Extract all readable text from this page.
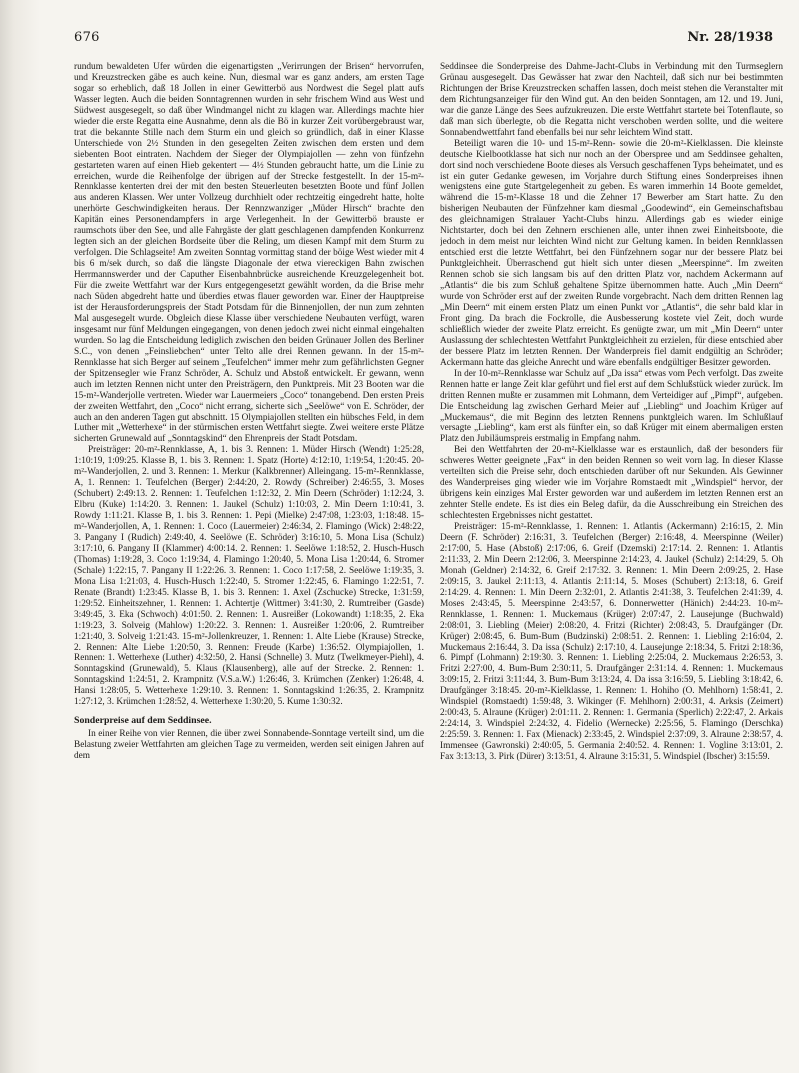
676	Nr. 28/1938

rundum bewaldeten Ufer würden die eigenartigsten „Verirrungen der Brisen“ hervorrufen, und Kreuzstrecken gäbe es auch keine. Nun, diesmal war es ganz anders, am ersten Tage sogar so erheblich, daß 18 Jollen in einer Gewitterbö aus Nordwest die Segel platt aufs Wasser legten. Auch die beiden Sonntagrennen wurden in sehr frischem Wind aus West und Südwest ausgesegelt, so daß über Windmangel nicht zu klagen war. Allerdings machte hier wieder die erste Regatta eine Ausnahme, denn als die Bö in kurzer Zeit vorübergebraust war, trat die bekannte Stille nach dem Sturm ein und gleich so gründlich, daß in einer Klasse Unterschiede von 2½ Stunden in den gesegelten Zeiten zwischen dem ersten und dem siebenten Boot eintraten. Nachdem der Sieger der Olympiajollen — zehn von fünfzehn gestarteten waren auf einen Hieb gekentert — 4½ Stunden gebraucht hatte, um die Linie zu erreichen, wurde die Reihenfolge der übrigen auf der Strecke festgestellt. In der 15-m²-Rennklasse kenterten drei der mit den besten Steuerleuten besetzten Boote und fünf Jollen aus anderen Klassen. Wer unter Vollzeug durchhielt oder rechtzeitig eingedreht hatte, holte unerhörte Geschwindigkeiten heraus. Der Rennzwanziger „Müder Hirsch“ brachte den Kapitän eines Personendampfers in arge Verlegenheit. In der Gewitterbö brauste er raumschots über den See, und alle Fahrgäste der glatt geschlagenen dampfenden Konkurrenz legten sich an der gleichen Bordseite über die Reling, um diesen Kampf mit dem Sturm zu verfolgen. Die Schlagseite! Am zweiten Sonntag vormittag stand der böige West wieder mit 4 bis 6 m/sek durch, so daß die längste Diagonale der etwa viereckigen Bahn zwischen Herrmannswerder und der Caputher Eisenbahnbrücke ausreichende Kreuzgelegenheit bot. Für die zweite Wettfahrt war der Kurs entgegengesetzt gewählt worden, da die Brise mehr nach Süden abgedreht hatte und überdies etwas flauer geworden war. Einer der Hauptpreise ist der Herausforderungspreis der Stadt Potsdam für die Binnenjollen, der nun zum zehnten Mal ausgesegelt wurde. Obgleich diese Klasse über verschiedene Neubauten verfügt, waren insgesamt nur fünf Meldungen eingegangen, von denen jedoch zwei nicht einmal eingehalten wurden. So lag die Entscheidung lediglich zwischen den beiden Grünauer Jollen des Berliner S.C., von denen „Feinsliebchen“ unter Telto alle drei Rennen gewann. In der 15-m²-Rennklasse hat sich Berger auf seinem „Teufelchen“ immer mehr zum gefährlichsten Gegner der Spitzensegler wie Franz Schröder, A. Schulz und Abstoß entwickelt. Er gewann, wenn auch im letzten Rennen nicht unter den Preisträgern, den Punktpreis. Mit 23 Booten war die 15-m²-Wanderjolle vertreten. Wieder war Lauermeiers „Coco“ tonangebend. Den ersten Preis der zweiten Wettfahrt, den „Coco“ nicht errang, sicherte sich „Seelöwe“ von E. Schröder, der auch an den anderen Tagen gut abschnitt. 15 Olympiajollen stellten ein hübsches Feld, in dem Luther mit „Wetterhexe“ in der stürmischen ersten Wettfahrt siegte. Zwei weitere erste Plätze sicherten Grunewald auf „Sonntagskind“ den Ehrenpreis der Stadt Potsdam.

Preisträger: 20-m²-Rennklasse, A, 1. bis 3. Rennen: 1. Müder Hirsch (Wendt) 1:25:28, 1:10:19, 1:09:25. Klasse B, 1. bis 3. Rennen: 1. Spatz (Horte) 4:12:10, 1:19:54, 1:20:45. 20-m²-Wanderjollen, 2. und 3. Rennen: 1. Merkur (Kalkbrenner) Alleingang. 15-m²-Rennklasse, A, 1. Rennen: 1. Teufelchen (Berger) 2:44:20, 2. Rowdy (Schreiber) 2:46:55, 3. Moses (Schubert) 2:49:13. 2. Rennen: 1. Teufelchen 1:12:32, 2. Min Deern (Schröder) 1:12:24, 3. Elbru (Kuke) 1:14:20. 3. Rennen: 1. Jaukel (Schulz) 1:10:03, 2. Min Deern 1:10:41, 3. Rowdy 1:11:21. Klasse B, 1. bis 3. Rennen: 1. Pepi (Mielke) 2:47:08, 1:23:03, 1:18:48. 15-m²-Wanderjollen, A, 1. Rennen: 1. Coco (Lauermeier) 2:46:34, 2. Flamingo (Wick) 2:48:22, 3. Pangany I (Rudich) 2:49:40, 4. Seelöwe (E. Schröder) 3:16:10, 5. Mona Lisa (Schulz) 3:17:10, 6. Pangany II (Klammer) 4:00:14. 2. Rennen: 1. Seelöwe 1:18:52, 2. Husch-Husch (Thomas) 1:19:28, 3. Coco 1:19:34, 4. Flamingo 1:20:40, 5. Mona Lisa 1:20:44, 6. Stromer (Schale) 1:22:15, 7. Pangany II 1:22:26. 3. Rennen: 1. Coco 1:17:58, 2. Seelöwe 1:19:35, 3. Mona Lisa 1:21:03, 4. Husch-Husch 1:22:40, 5. Stromer 1:22:45, 6. Flamingo 1:22:51, 7. Renate (Brandt) 1:23:45. Klasse B, 1. bis 3. Rennen: 1. Axel (Zschucke) Strecke, 1:31:59, 1:29:52. Einheitszehner, 1. Rennen: 1. Achtertje (Wittmer) 3:41:30, 2. Rumtreiber (Gasde) 3:49:45, 3. Eka (Schwoch) 4:01:50. 2. Rennen: 1. Ausreißer (Lokowandt) 1:18:35, 2. Eka 1:19:23, 3. Solveig (Mahlow) 1:20:22. 3. Rennen: 1. Ausreißer 1:20:06, 2. Rumtreiber 1:21:40, 3. Solveig 1:21:43. 15-m²-Jollenkreuzer, 1. Rennen: 1. Alte Liebe (Krause) Strecke, 2. Rennen: Alte Liebe 1:20:50, 3. Rennen: Freude (Karbe) 1:36:52. Olympiajollen, 1. Rennen: 1. Wetterhexe (Luther) 4:32:50, 2. Hansi (Schnelle) 3. Mutz (Twelkmeyer-Piehl), 4. Sonntagskind (Grunewald), 5. Klaus (Klausenberg), alle auf der Strecke. 2. Rennen: 1. Sonntagskind 1:24:51, 2. Krampnitz (V.S.a.W.) 1:26:46, 3. Krümchen (Zenker) 1:26:48, 4. Hansi 1:28:05, 5. Wetterhexe 1:29:10. 3. Rennen: 1. Sonntagskind 1:26:35, 2. Krampnitz 1:27:12, 3. Krümchen 1:28:52, 4. Wetterhexe 1:30:20, 5. Kume 1:30:32.

Sonderpreise auf dem Seddinsee.

In einer Reihe von vier Rennen, die über zwei Sonnabende-Sonntage verteilt sind, um die Belastung zweier Wettfahrten am gleichen Tage zu vermeiden, werden seit einigen Jahren auf dem

Seddinsee die Sonderpreise des Dahme-Jacht-Clubs in Verbindung mit den Turmseglern Grünau ausgesegelt. Das Gewässer hat zwar den Nachteil, daß sich nur bei bestimmten Richtungen der Brise Kreuzstrecken schaffen lassen, doch meist stehen die Veranstalter mit dem Richtungsanzeiger für den Wind gut. An den beiden Sonntagen, am 12. und 19. Juni, war die ganze Länge des Sees aufzukreuzen. Die erste Wettfahrt startete bei Totenflaute, so daß man sich überlegte, ob die Regatta nicht verschoben werden sollte, und die weitere Sonnabendwettfahrt fand ebenfalls bei nur sehr leichtem Wind statt.

Beteiligt waren die 10- und 15-m²-Renn- sowie die 20-m²-Kielklassen. Die kleinste deutsche Kielbootklasse hat sich nur noch an der Oberspree und am Seddinsee gehalten, dort sind noch verschiedene Boote dieses als Versuch geschaffenen Typs beheimatet, und es ist ein guter Gedanke gewesen, im Vorjahre durch Stiftung eines Sonderpreises ihnen wenigstens eine gute Startgelegenheit zu geben. Es waren immerhin 14 Boote gemeldet, während die 15-m²-Klasse 18 und die Zehner 17 Bewerber am Start hatte. Zu den bisherigen Neubauten der Fünfzehner kam diesmal „Goodewind“, ein Gemeinschaftsbau des gleichnamigen Stralauer Yacht-Clubs hinzu. Allerdings gab es wieder einige Nichtstarter, doch bei den Zehnern erschienen alle, unter ihnen zwei Einheitsboote, die jedoch in dem meist nur leichten Wind nicht zur Geltung kamen. In beiden Rennklassen entschied erst die letzte Wettfahrt, bei den Fünfzehnern sogar nur der bessere Platz bei Punktgleichheit. Überraschend gut hielt sich unter diesen „Meerspinne“. Im zweiten Rennen schob sie sich langsam bis auf den dritten Platz vor, nachdem Ackermann auf „Atlantis“ die bis zum Schluß gehaltene Spitze übernommen hatte. Auch „Min Deern“ wurde von Schröder erst auf der zweiten Runde vorgebracht. Nach dem dritten Rennen lag „Min Deern“ mit einem ersten Platz um einen Punkt vor „Atlantis“, die sehr bald klar in Front ging. Da brach die Fockrolle, die Ausbesserung kostete viel Zeit, doch wurde schließlich wieder der zweite Platz erreicht. Es genügte zwar, um mit „Min Deern“ unter Auslassung der schlechtesten Wettfahrt Punktgleichheit zu erzielen, für diese entschied aber der bessere Platz im letzten Rennen. Der Wanderpreis fiel damit endgültig an Schröder; Ackermann hatte das gleiche Anrecht und wäre ebenfalls endgültiger Besitzer geworden.

In der 10-m²-Rennklasse war Schulz auf „Da issa“ etwas vom Pech verfolgt. Das zweite Rennen hatte er lange Zeit klar geführt und fiel erst auf dem Schlußstück wieder zurück. Im dritten Rennen mußte er zusammen mit Lohmann, dem Verteidiger auf „Pimpf“, aufgeben. Die Entscheidung lag zwischen Gerhard Meier auf „Liebling“ und Joachim Krüger auf „Muckemaus“, die mit Beginn des letzten Rennens punktgleich waren. Im Schlußlauf versagte „Liebling“, kam erst als fünfter ein, so daß Krüger mit einem abermaligen ersten Platz den Jubiläumspreis erstmalig in Empfang nahm.

Bei den Wettfahrten der 20-m²-Kielklasse war es erstaunlich, daß der besonders für schweres Wetter geeignete „Fax“ in den beiden Rennen so weit vorn lag. In dieser Klasse verteilten sich die Preise sehr, doch entschieden darüber oft nur Sekunden. Als Gewinner des Wanderpreises ging wieder wie im Vorjahre Romstaedt mit „Windspiel“ hervor, der übrigens kein einziges Mal Erster geworden war und außerdem im letzten Rennen erst an zehnter Stelle endete. Es ist dies ein Beleg dafür, da die Ausschreibung ein Streichen des schlechtesten Ergebnisses nicht gestattet.

Preisträger: 15-m²-Rennklasse, 1. Rennen: 1. Atlantis (Ackermann) 2:16:15, 2. Min Deern (F. Schröder) 2:16:31, 3. Teufelchen (Berger) 2:16:48, 4. Meerspinne (Weiler) 2:17:00, 5. Hase (Abstoß) 2:17:06, 6. Greif (Dzemski) 2:17:14. 2. Rennen: 1. Atlantis 2:11:33, 2. Min Deern 2:12:06, 3. Meerspinne 2:14:23, 4. Jaukel (Schulz) 2:14:29, 5. Oh Monah (Geldner) 2:14:32, 6. Greif 2:17:32. 3. Rennen: 1. Min Deern 2:09:25, 2. Hase 2:09:15, 3. Jaukel 2:11:13, 4. Atlantis 2:11:14, 5. Moses (Schubert) 2:13:18, 6. Greif 2:14:29. 4. Rennen: 1. Min Deern 2:32:01, 2. Atlantis 2:41:38, 3. Teufelchen 2:41:39, 4. Moses 2:43:45, 5. Meerspinne 2:43:57, 6. Donnerwetter (Hänich) 2:44:23. 10-m²-Rennklasse, 1. Rennen: 1. Muckemaus (Krüger) 2:07:47, 2. Lausejunge (Buchwald) 2:08:01, 3. Liebling (Meier) 2:08:20, 4. Fritzi (Richter) 2:08:43, 5. Draufgänger (Dr. Krüger) 2:08:45, 6. Bum-Bum (Budzinski) 2:08:51. 2. Rennen: 1. Liebling 2:16:04, 2. Muckemaus 2:16:44, 3. Da issa (Schulz) 2:17:10, 4. Lausejunge 2:18:34, 5. Fritzi 2:18:36, 6. Pimpf (Lohmann) 2:19:30. 3. Rennen: 1. Liebling 2:25:04, 2. Muckemaus 2:26:53, 3. Fritzi 2:27:00, 4. Bum-Bum 2:30:11, 5. Draufgänger 2:31:14. 4. Rennen: 1. Muckemaus 3:09:15, 2. Fritzi 3:11:44, 3. Bum-Bum 3:13:24, 4. Da issa 3:16:59, 5. Liebling 3:18:42, 6. Draufgänger 3:18:45. 20-m²-Kielklasse, 1. Rennen: 1. Hohiho (O. Mehlhorn) 1:58:41, 2. Windspiel (Romstaedt) 1:59:48, 3. Wikinger (F. Mehlhorn) 2:00:31, 4. Arksis (Zeimert) 2:00:43, 5. Alraune (Krüger) 2:01:11. 2. Rennen: 1. Germania (Sperlich) 2:22:47, 2. Arkais 2:24:14, 3. Windspiel 2:24:32, 4. Fidelio (Wernecke) 2:25:56, 5. Flamingo (Derschka) 2:25:59. 3. Rennen: 1. Fax (Mienack) 2:33:45, 2. Windspiel 2:37:09, 3. Alraune 2:38:57, 4. Immensee (Gawronski) 2:40:05, 5. Germania 2:40:52. 4. Rennen: 1. Vogline 3:13:01, 2. Fax 3:13:13, 3. Pirk (Dürer) 3:13:51, 4. Alraune 3:15:31, 5. Windspiel (Ibscher) 3:15:59.
